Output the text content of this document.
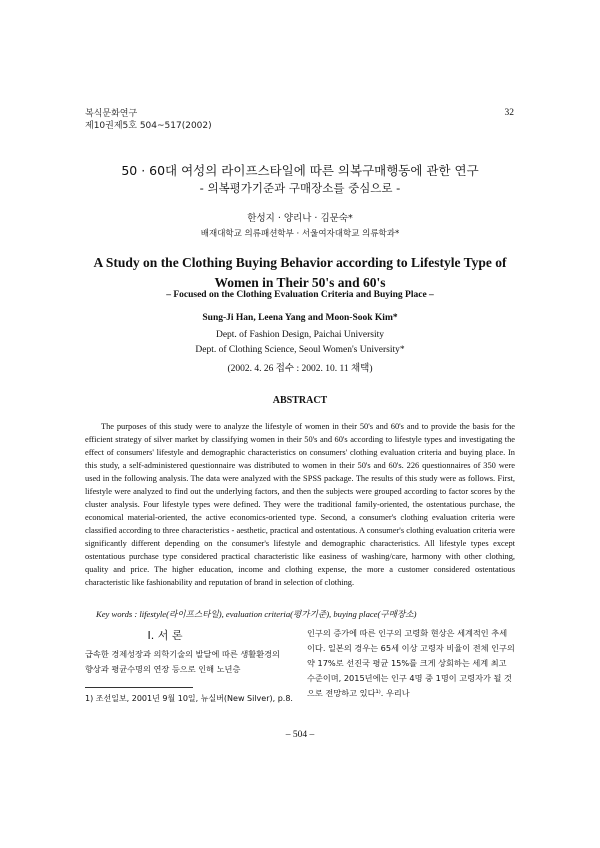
복식문화연구
제10권제5호 504~517(2002)
32
50 · 60대 여성의 라이프스타일에 따른 의복구매행동에 관한 연구
- 의복평가기준과 구매장소를 중심으로 -
한성지 · 양리나 · 김문숙*
배재대학교 의류패션학부 · 서울여자대학교 의류학과*
A Study on the Clothing Buying Behavior according to Lifestyle Type of
Women in Their 50's and 60's
– Focused on the Clothing Evaluation Criteria and Buying Place –
Sung-Ji Han, Leena Yang and Moon-Sook Kim*
Dept. of Fashion Design, Paichai University
Dept. of Clothing Science, Seoul Women's University*
(2002. 4. 26 접수 : 2002. 10. 11 채택)
ABSTRACT

The purposes of this study were to analyze the lifestyle of women in their 50's and 60's and to provide the basis for the efficient strategy of silver market by classifying women in their 50's and 60's according to lifestyle types and investigating the effect of consumers' lifestyle and demographic characteristics on consumers' clothing evaluation criteria and buying place. In this study, a self-administered questionnaire was distributed to women in their 50's and 60's. 226 questionnaires of 350 were used in the following analysis. The data were analyzed with the SPSS package. The results of this study were as follows. First, lifestyle were analyzed to find out the underlying factors, and then the subjects were grouped according to factor scores by the cluster analysis. Four lifestyle types were defined. They were the traditional family-oriented, the ostentatious purchase, the economical material-oriented, the active economics-oriented type. Second, a consumer's clothing evaluation criteria were classified according to three characteristics - aesthetic, practical and ostentatious. A consumer's clothing evaluation criteria were significantly different depending on the consumer's lifestyle and demographic characteristics. All lifestyle types except ostentatious purchase type considered practical characteristic like easiness of washing/care, harmony with other clothing, quality and price. The higher education, income and clothing expense, the more a customer considered ostentatious characteristic like fashionability and reputation of brand in selection of clothing.

Key words : lifestyle(라이프스타일), evaluation criteria(평가기준), buying place(구매장소)
I. 서 론

급속한 경제성장과 의학기술의 발달에 따른 생활환경의 향상과 평균수명의 연장 등으로 인해 노년층

1) 조선일보, 2001년 9월 10일, 뉴실버(New Silver), p.8.

인구의 증가에 따른 인구의 고령화 현상은 세계적인 추세이다. 일본의 경우는 65세 이상 고령자 비율이 전체 인구의 약 17%로 선진국 평균 15%를 크게 상회하는 세계 최고 수준이며, 2015년에는 인구 4명 중 1명이 고령자가 될 것으로 전망하고 있다¹⁾. 우리나

– 504 –
